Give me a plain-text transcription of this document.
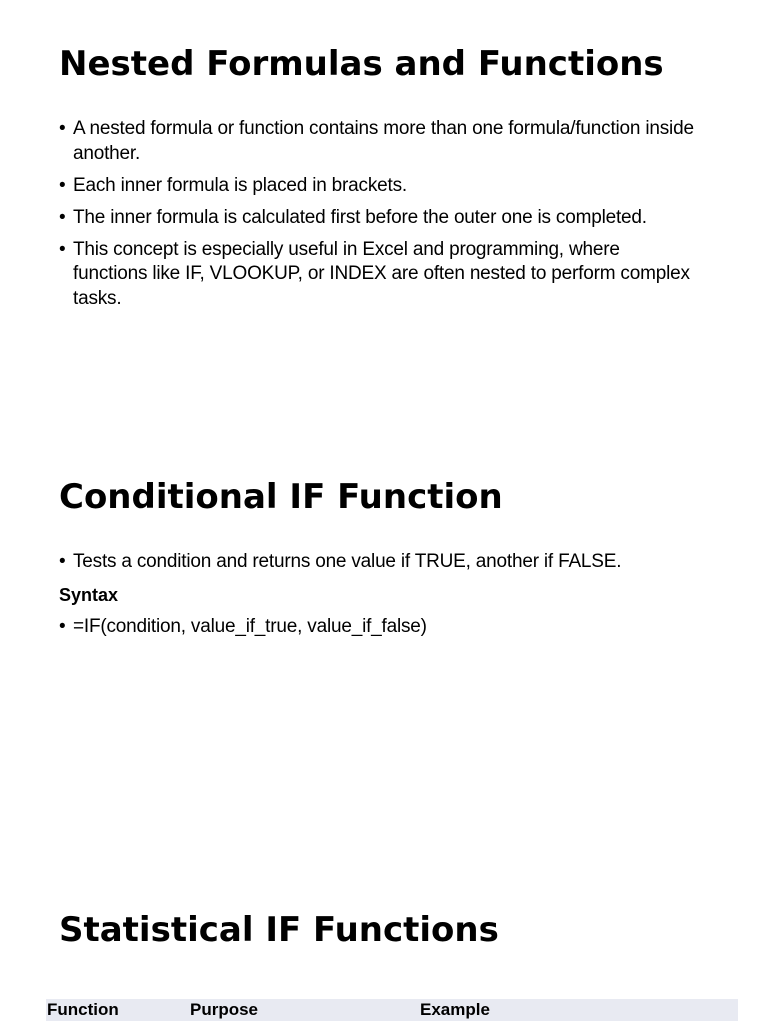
Nested Formulas and Functions
• A nested formula or function contains more than one formula/function inside another.
• Each inner formula is placed in brackets.
• The inner formula is calculated first before the outer one is completed.
• This concept is especially useful in Excel and programming, where functions like IF, VLOOKUP, or INDEX are often nested to perform complex tasks.
Conditional IF Function
• Tests a condition and returns one value if TRUE, another if FALSE.
Syntax
• =IF(condition, value_if_true, value_if_false)
Statistical IF Functions
Function	Purpose	Example
